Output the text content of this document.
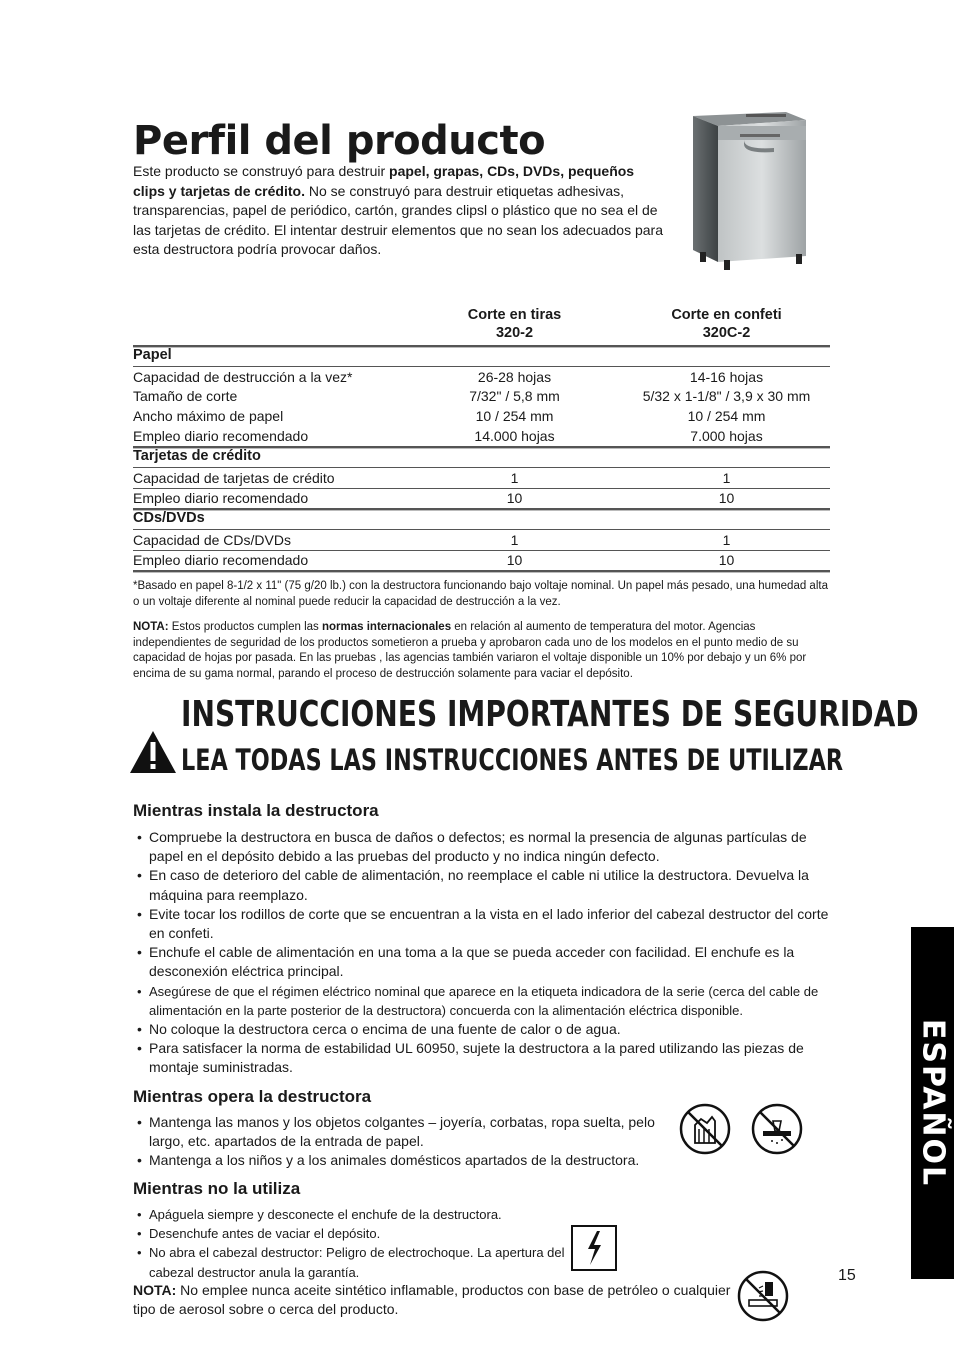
Perfil del producto
Este producto se construyó para destruir papel, grapas, CDs, DVDs, pequeños clips y tarjetas de crédito. No se construyó para destruir etiquetas adhesivas, transparencias, papel de periódico, cartón, grandes clipsl o plástico que no sea el de las tarjetas de crédito. El intentar destruir elementos que no sean los adecuados para esta destructora podría provocar daños.
Corte en tiras
320-2
Corte en confeti
320C-2
Papel
Capacidad de destrucción a la vez*	26-28 hojas	14-16 hojas
Tamaño de corte	7/32" / 5,8 mm	5/32 x 1-1/8" / 3,9 x 30 mm
Ancho máximo de papel	10 / 254 mm	10 / 254 mm
Empleo diario recomendado	14.000 hojas	7.000 hojas
Tarjetas de crédito
Capacidad de tarjetas de crédito	1	1
Empleo diario recomendado	10	10
CDs/DVDs
Capacidad de CDs/DVDs	1	1
Empleo diario recomendado	10	10
*Basado en papel 8-1/2 x 11" (75 g/20 lb.) con la destructora funcionando bajo voltaje nominal. Un papel más pesado, una humedad alta o un voltaje diferente al nominal puede reducir la capacidad de destrucción a la vez.
NOTA: Estos productos cumplen las normas internacionales en relación al aumento de temperatura del motor. Agencias independientes de seguridad de los productos sometieron a prueba y aprobaron cada uno de los modelos en el punto medio de su capacidad de hojas por pasada. En las pruebas , las agencias también variaron el voltaje disponible un 10% por debajo y un 6% por encima de su gama normal, parando el proceso de destrucción solamente para vaciar el depósito.
INSTRUCCIONES IMPORTANTES DE SEGURIDAD
LEA TODAS LAS INSTRUCCIONES ANTES DE UTILIZAR
Mientras instala la destructora
• Compruebe la destructora en busca de daños o defectos; es normal la presencia de algunas partículas de papel en el depósito debido a las pruebas del producto y no indica ningún defecto.
• En caso de deterioro del cable de alimentación, no reemplace el cable ni utilice la destructora. Devuelva la máquina para reemplazo.
• Evite tocar los rodillos de corte que se encuentran a la vista en el lado inferior del cabezal destructor del corte en confeti.
• Enchufe el cable de alimentación en una toma a la que se pueda acceder con facilidad. El enchufe es la desconexión eléctrica principal.
• Asegúrese de que el régimen eléctrico nominal que aparece en la etiqueta indicadora de la serie (cerca del cable de alimentación en la parte posterior de la destructora) concuerda con la alimentación eléctrica disponible.
• No coloque la destructora cerca o encima de una fuente de calor o de agua.
• Para satisfacer la norma de estabilidad UL 60950, sujete la destructora a la pared utilizando las piezas de montaje suministradas.
Mientras opera la destructora
• Mantenga las manos y los objetos colgantes – joyería, corbatas, ropa suelta, pelo largo, etc. apartados de la entrada de papel.
• Mantenga a los niños y a los animales domésticos apartados de la destructora.
Mientras no la utiliza
• Apáguela siempre y desconecte el enchufe de la destructora.
• Desenchufe antes de vaciar el depósito.
• No abra el cabezal destructor: Peligro de electrochoque. La apertura del cabezal destructor anula la garantía.
NOTA: No emplee nunca aceite sintético inflamable, productos con base de petróleo o cualquier tipo de aerosol sobre o cerca del producto.
ESPAÑOL
15
